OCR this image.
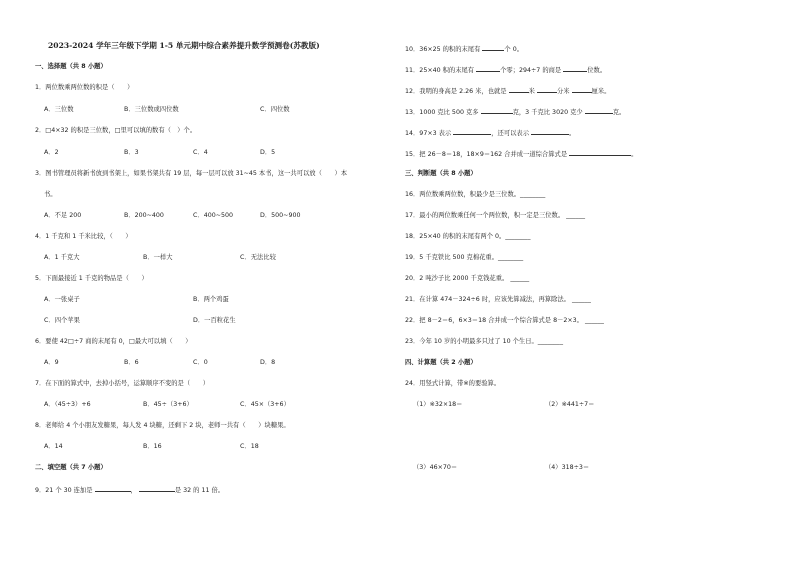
2023-2024 学年三年级下学期 1-5 单元期中综合素养提升数学预测卷(苏教版)
一、选择题（共 8 小题）
1．两位数乘两位数的积是（　　）
A．三位数	B．三位数或四位数	C．四位数
2．□4×32 的积是三位数，□里可以填的数有（　）个。
A．2	B．3	C．4	D．5
3．图书管理员将新书放到书架上，如果书架共有 19 层，每一层可以放 31~45 本书，这一共可以放（　　）本
书。
A．不足 200	B．200~400	C．400~500	D．500~900
4．1 千克和 1 千米比较，（　　）
A．1 千克大	B．一样大	C．无法比较
5．下面最接近 1 千克的物品是（　　）
A．一张桌子	B．两个鸡蛋
C．四个苹果	D．一百粒花生
6．要使 42□÷7 商的末尾有 0，□最大可以填（　　）
A．9	B．6	C．0	D．8
7．在下面的算式中，去掉小括号，运算顺序不变的是（　　）
A．（45÷3）+6	B．45÷（3+6）	C．45×（3+6）
8．老师给 4 个小朋友发糖果，每人发 4 块糖，还剩下 2 块，老师一共有（　　）块糖果。
A．14	B．16	C．18
二、填空题（共 7 小题）
9．21 个 30 连加是	，	是 32 的 11 倍。
10．36×25 的积的末尾有	个 0。
11．25×40 积的末尾有	个零；294÷7 的商是	位数。
12．我明的身高是 2.26 米，也就是	米	分米	厘米。
13．1000 克比 500 克多	克，3 千克比 3020 克少	克。
14．97×3 表示	，还可以表示	。
15．把 26－8＝18，18×9＝162 合并成一道综合算式是	。
三、判断题（共 8 小题）
16．两位数乘两位数，积最少是三位数。________
17．最小的两位数乘任何一个两位数，积一定是三位数。 ______
18．25×40 的积的末尾有两个 0。________
19．5 千克铁比 500 克棉花重。________
20．2 吨沙子比 2000 千克钱花重。 ______
21．在计算 474－324÷6 时，应该先算减法，再算除法。 ______
22．把 8－2＝6，6×3＝18 合并成一个综合算式是 8－2×3。 ______
23．今年 10 岁的小明最多只过了 10 个生日。________
四、计算题（共 2 小题）
24．用竖式计算，带※的要验算。
（1）※32×18＝	（2）※441÷7＝
（3）46×70＝	（4）318÷3＝
